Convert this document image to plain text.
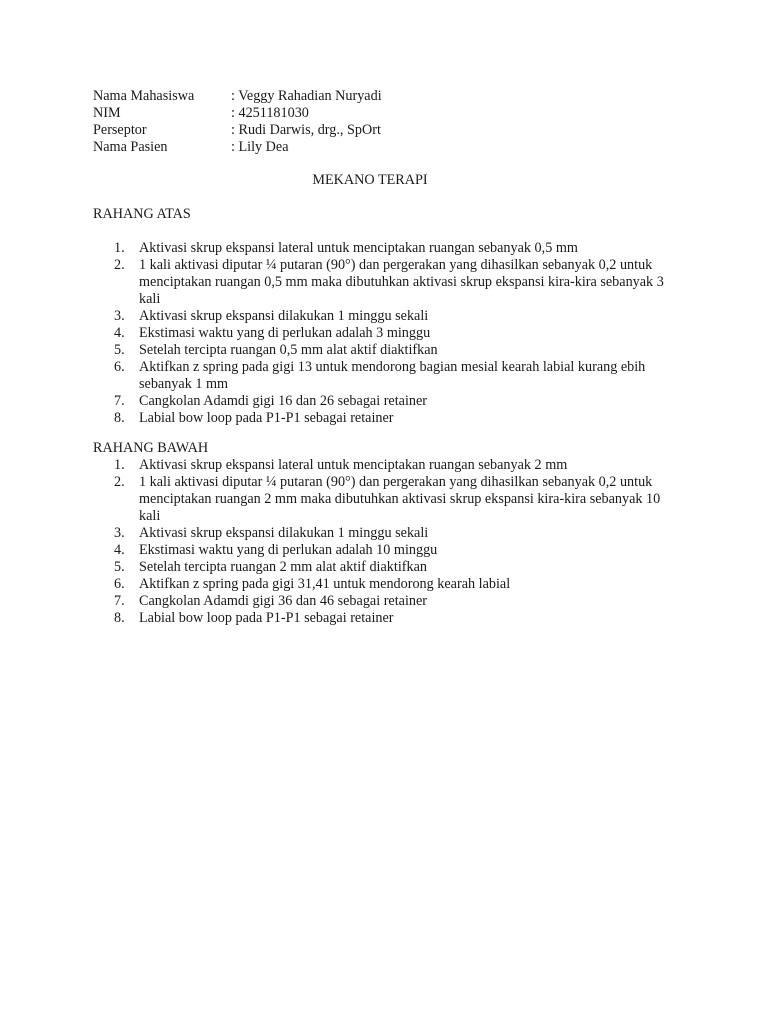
Nama Mahasiswa	: Veggy Rahadian Nuryadi
NIM	: 4251181030
Perseptor	: Rudi Darwis, drg., SpOrt
Nama Pasien	: Lily Dea
MEKANO TERAPI
RAHANG ATAS
1. Aktivasi skrup ekspansi lateral untuk menciptakan ruangan sebanyak 0,5 mm
2. 1 kali aktivasi diputar ¼ putaran (90°) dan pergerakan yang dihasilkan sebanyak 0,2 untuk menciptakan ruangan 0,5 mm maka dibutuhkan aktivasi skrup ekspansi kira-kira sebanyak 3 kali
3. Aktivasi skrup ekspansi dilakukan 1 minggu sekali
4. Ekstimasi waktu yang di perlukan adalah 3 minggu
5. Setelah tercipta ruangan 0,5 mm alat aktif diaktifkan
6. Aktifkan z spring pada gigi 13 untuk mendorong bagian mesial kearah labial kurang ebih sebanyak 1 mm
7. Cangkolan Adamdi gigi 16 dan 26 sebagai retainer
8. Labial bow loop pada P1-P1 sebagai retainer
RAHANG BAWAH
1. Aktivasi skrup ekspansi lateral untuk menciptakan ruangan sebanyak 2 mm
2. 1 kali aktivasi diputar ¼ putaran (90°) dan pergerakan yang dihasilkan sebanyak 0,2 untuk menciptakan ruangan 2 mm maka dibutuhkan aktivasi skrup ekspansi kira-kira sebanyak 10 kali
3. Aktivasi skrup ekspansi dilakukan 1 minggu sekali
4. Ekstimasi waktu yang di perlukan adalah 10 minggu
5. Setelah tercipta ruangan 2 mm alat aktif diaktifkan
6. Aktifkan z spring pada gigi 31,41 untuk mendorong kearah labial
7. Cangkolan Adamdi gigi 36 dan 46 sebagai retainer
8. Labial bow loop pada P1-P1 sebagai retainer
